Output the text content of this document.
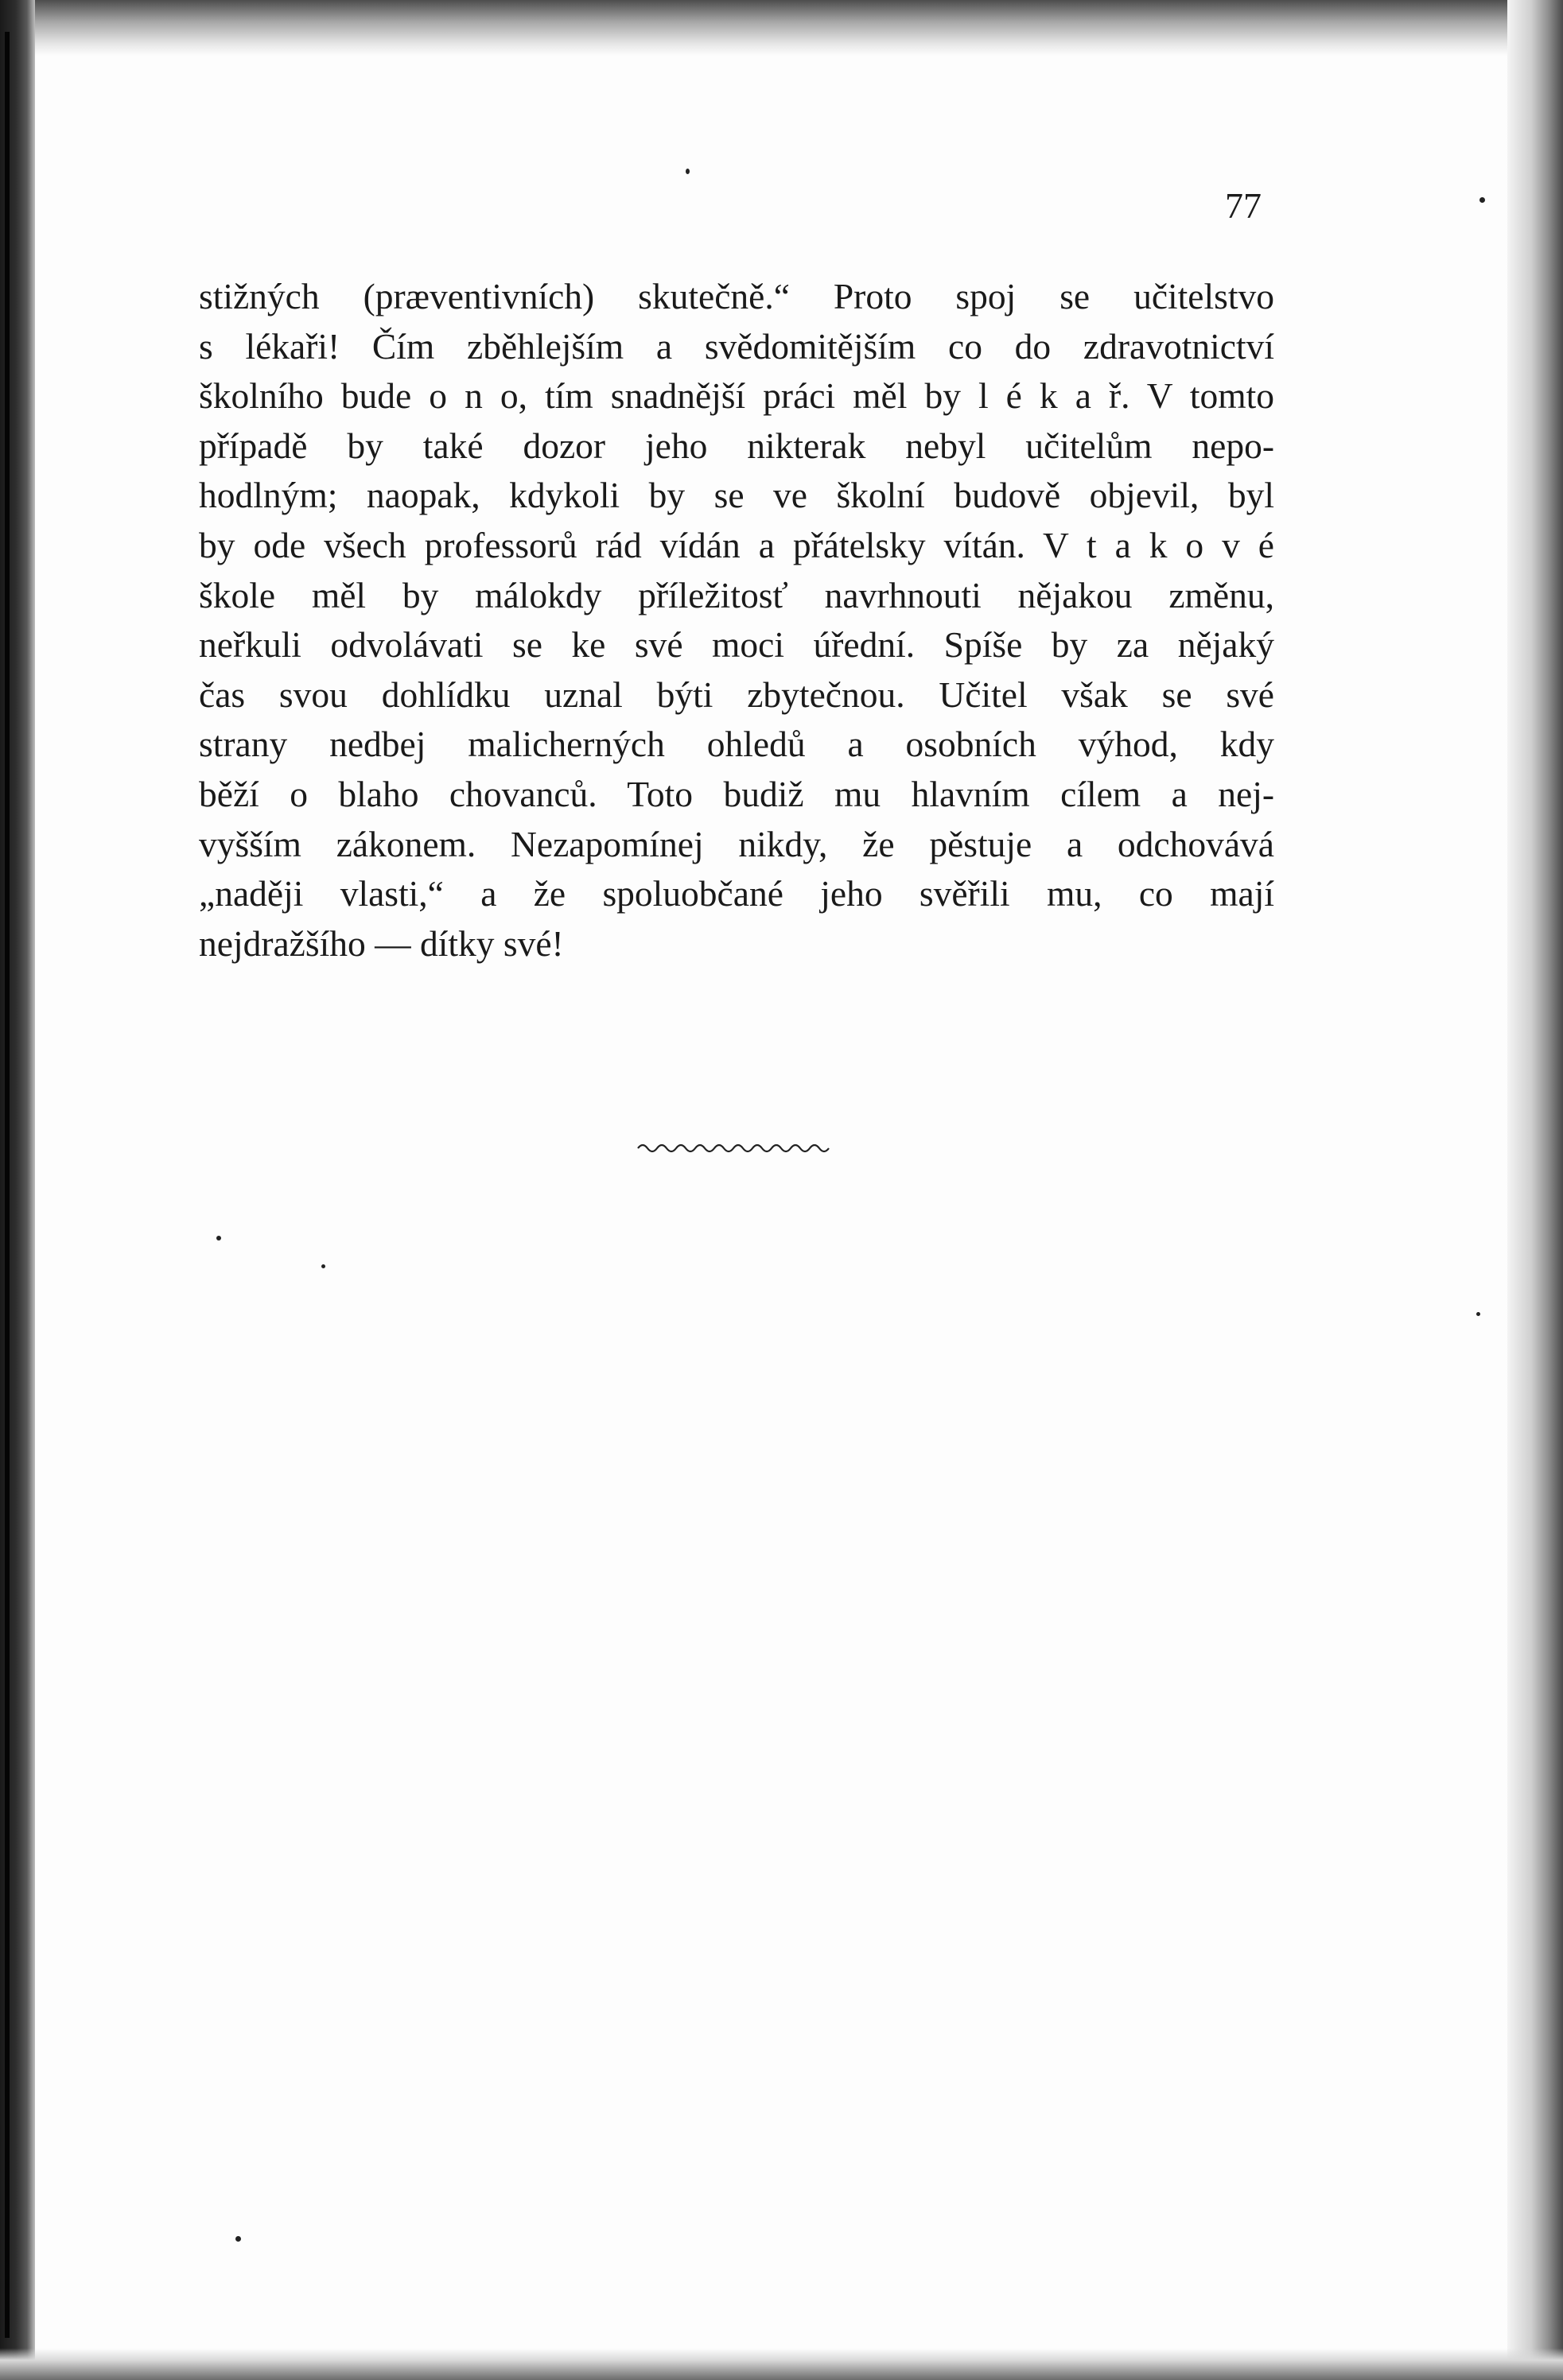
77
stižných (præventivních) skutečně.“ Proto spoj se učitelstvo
s lékaři! Čím zběhlejším a svědomitějším co do zdravotnictví
školního bude o n o, tím snadnější práci měl by l é k a ř. V tomto
případě by také dozor jeho nikterak nebyl učitelům nepo-
hodlným; naopak, kdykoli by se ve školní budově objevil, byl
by ode všech professorů rád vídán a přátelsky vítán. V t a k o v é
škole měl by málokdy příležitosť navrhnouti nějakou změnu,
neřkuli odvolávati se ke své moci úřední. Spíše by za nějaký
čas svou dohlídku uznal býti zbytečnou. Učitel však se své
strany nedbej malicherných ohledů a osobních výhod, kdy
běží o blaho chovanců. Toto budiž mu hlavním cílem a nej-
vyšším zákonem. Nezapomínej nikdy, že pěstuje a odchovává
„naději vlasti,“ a že spoluobčané jeho svěřili mu, co mají
nejdražšího — dítky své!
